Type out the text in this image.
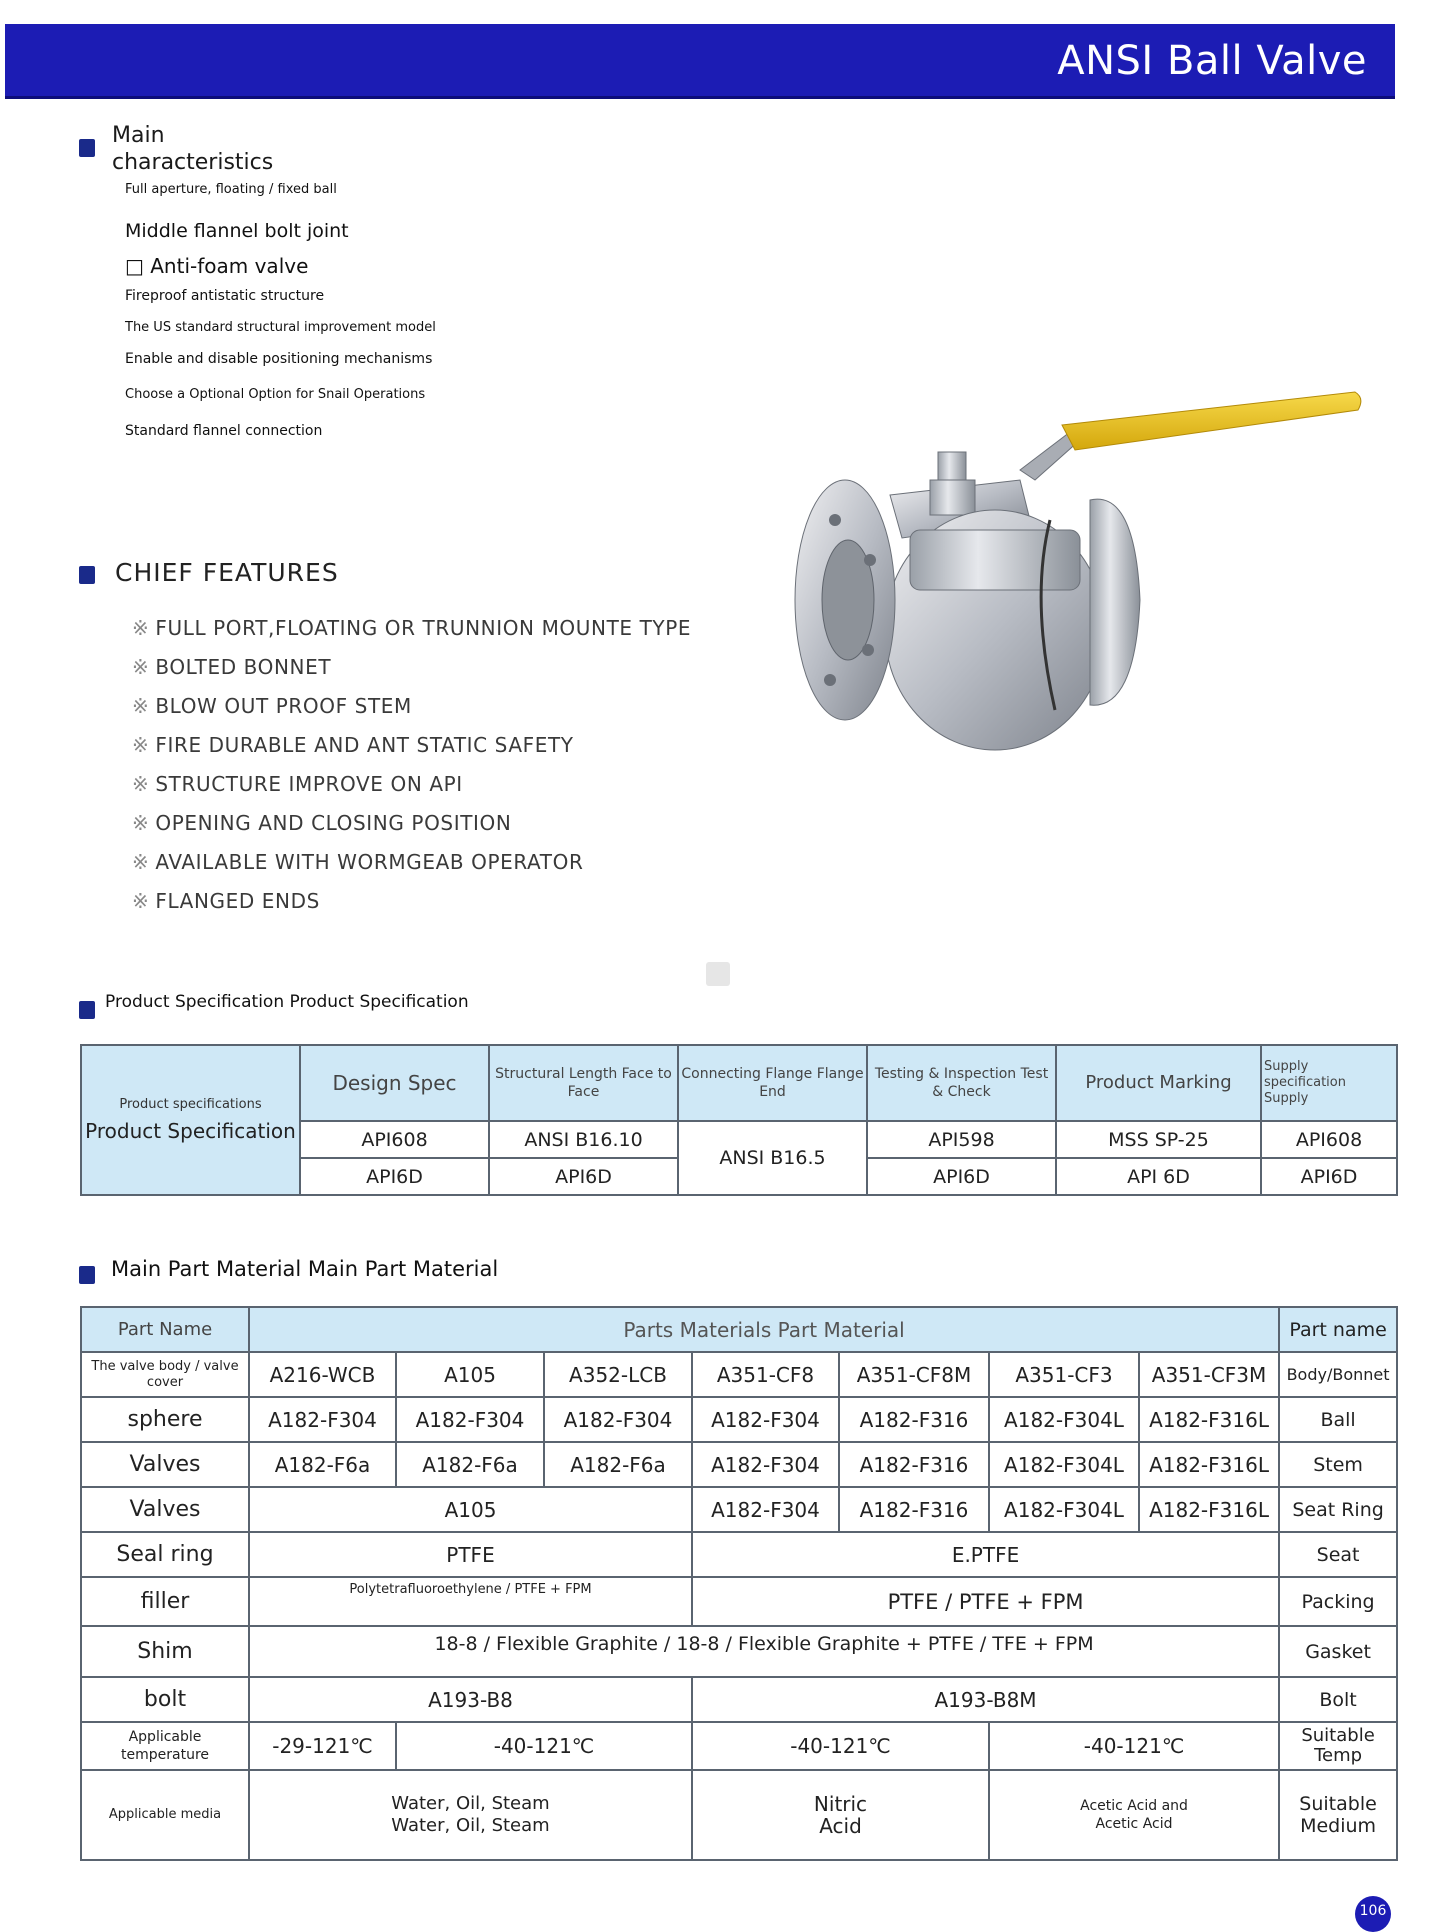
ANSI Ball Valve
Main characteristics
Full aperture, floating / fixed ball
Middle flannel bolt joint
□ Anti-foam valve
Fireproof antistatic structure
The US standard structural improvement model
Enable and disable positioning mechanisms
Choose a Optional Option for Snail Operations
Standard flannel connection
CHIEF FEATURES
※ FULL PORT,FLOATING OR TRUNNION MOUNTE TYPE
※ BOLTED BONNET
※ BLOW OUT PROOF STEM
※ FIRE DURABLE AND ANT STATIC SAFETY
※ STRUCTURE IMPROVE ON API
※ OPENING AND CLOSING POSITION
※ AVAILABLE WITH WORMGEAB OPERATOR
※ FLANGED ENDS
Product Specification Product Specification
Product specifications
Product Specification	Design Spec	Structural Length Face to Face	Connecting Flange Flange End	Testing & Inspection Test & Check	Product Marking	Supply specification Supply
	API608	ANSI B16.10	ANSI B16.5	API598	MSS SP-25	API608
	API6D	API6D		API6D	API 6D	API6D
Main Part Material Main Part Material
Part Name	Parts Materials Part Material							Part name
The valve body / valve cover	A216-WCB	A105	A352-LCB	A351-CF8	A351-CF8M	A351-CF3	A351-CF3M	Body/Bonnet
sphere	A182-F304	A182-F304	A182-F304	A182-F304	A182-F316	A182-F304L	A182-F316L	Ball
Valves	A182-F6a	A182-F6a	A182-F6a	A182-F304	A182-F316	A182-F304L	A182-F316L	Stem
Valves	A105			A182-F304	A182-F316	A182-F304L	A182-F316L	Seat Ring
Seal ring	PTFE			E.PTFE				Seat
filler	Polytetrafluoroethylene / PTFE + FPM			PTFE / PTFE + FPM				Packing
Shim	18-8 / Flexible Graphite / 18-8 / Flexible Graphite + PTFE / TFE + FPM							Gasket
bolt	A193-B8			A193-B8M				Bolt
Applicable temperature	-29-121℃	-40-121℃		-40-121℃		-40-121℃		Suitable Temp
Applicable media	Water, Oil, Steam Water, Oil, Steam			Nitric Acid		Acetic Acid and Acetic Acid		Suitable Medium
106
